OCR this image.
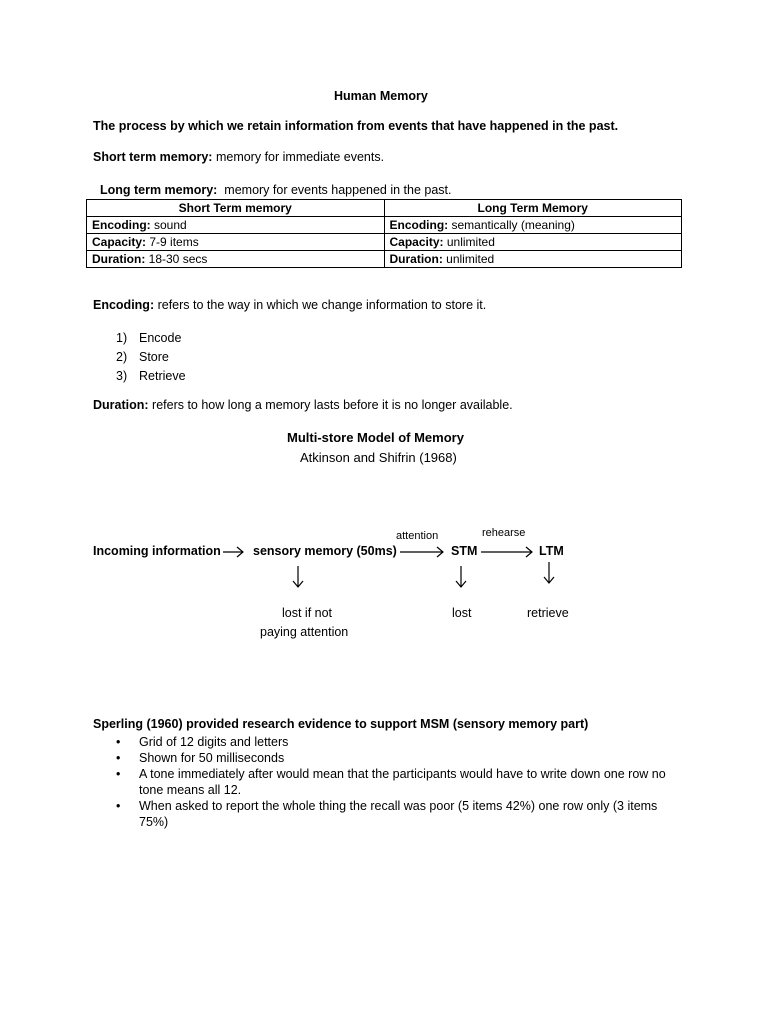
Human Memory
The process by which we retain information from events that have happened in the past.
Short term memory: memory for immediate events.

Long term memory:  memory for events happened in the past.

Short Term memory	Long Term Memory
Encoding: sound	Encoding: semantically (meaning)
Capacity: 7-9 items	Capacity: unlimited
Duration: 18-30 secs	Duration: unlimited
Encoding: refers to the way in which we change information to store it.
1) Encode
2) Store
3) Retrieve
Duration: refers to how long a memory lasts before it is no longer available.
Multi-store Model of Memory
Atkinson and Shifrin (1968)
Incoming information	sensory memory (50ms)	STM	LTM
attention	rehearse
lost if not
paying attention
lost	retrieve
Sperling (1960) provided research evidence to support MSM (sensory memory part)
• Grid of 12 digits and letters
• Shown for 50 milliseconds
• A tone immediately after would mean that the participants would have to write down one row no tone means all 12.
• When asked to report the whole thing the recall was poor (5 items 42%) one row only (3 items 75%)
